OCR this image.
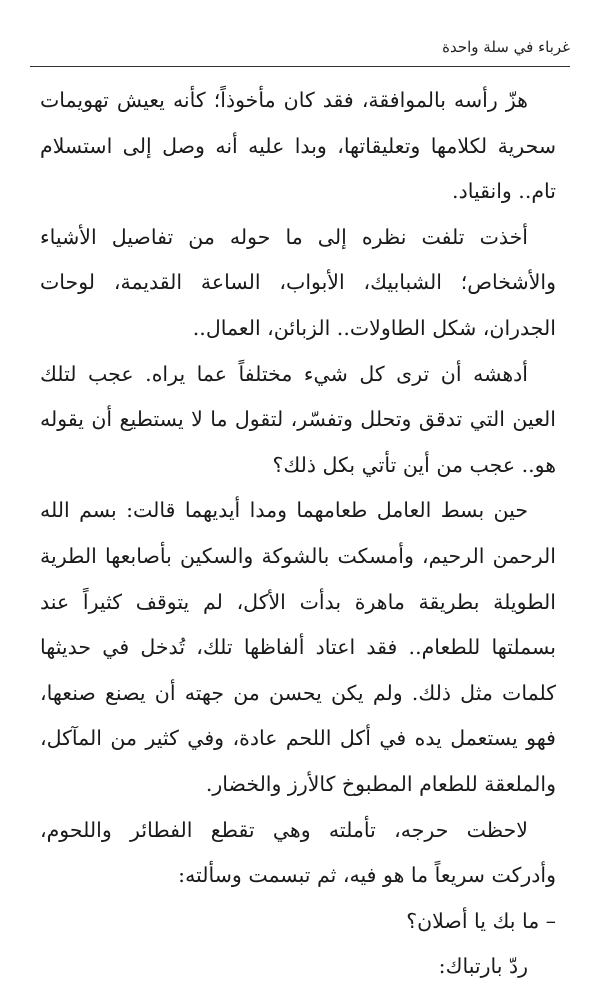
غرباء في سلة واحدة

هزّ رأسه بالموافقة، فقد كان مأخوذاً؛ كأنه يعيش تهويمات سحرية لكلامها وتعليقاتها، وبدا عليه أنه وصل إلى استسلام تام.. وانقياد.

أخذت تلفت نظره إلى ما حوله من تفاصيل الأشياء والأشخاص؛ الشبابيك، الأبواب، الساعة القديمة، لوحات الجدران، شكل الطاولات.. الزبائن، العمال..

أدهشه أن ترى كل شيء مختلفاً عما يراه. عجب لتلك العين التي تدقق وتحلل وتفسّر، لتقول ما لا يستطيع أن يقوله هو.. عجب من أين تأتي بكل ذلك؟

حين بسط العامل طعامهما ومدا أيديهما قالت: بسم الله الرحمن الرحيم، وأمسكت بالشوكة والسكين بأصابعها الطرية الطويلة بطريقة ماهرة بدأت الأكل، لم يتوقف كثيراً عند بسملتها للطعام.. فقد اعتاد ألفاظها تلك، تُدخل في حديثها كلمات مثل ذلك. ولم يكن يحسن من جهته أن يصنع صنعها، فهو يستعمل يده في أكل اللحم عادة، وفي كثير من المآكل، والملعقة للطعام المطبوخ كالأرز والخضار.

لاحظت حرجه، تأملته وهي تقطع الفطائر واللحوم، وأدركت سريعاً ما هو فيه، ثم تبسمت وسألته:

– ما بك يا أصلان؟

ردّ بارتباك:
